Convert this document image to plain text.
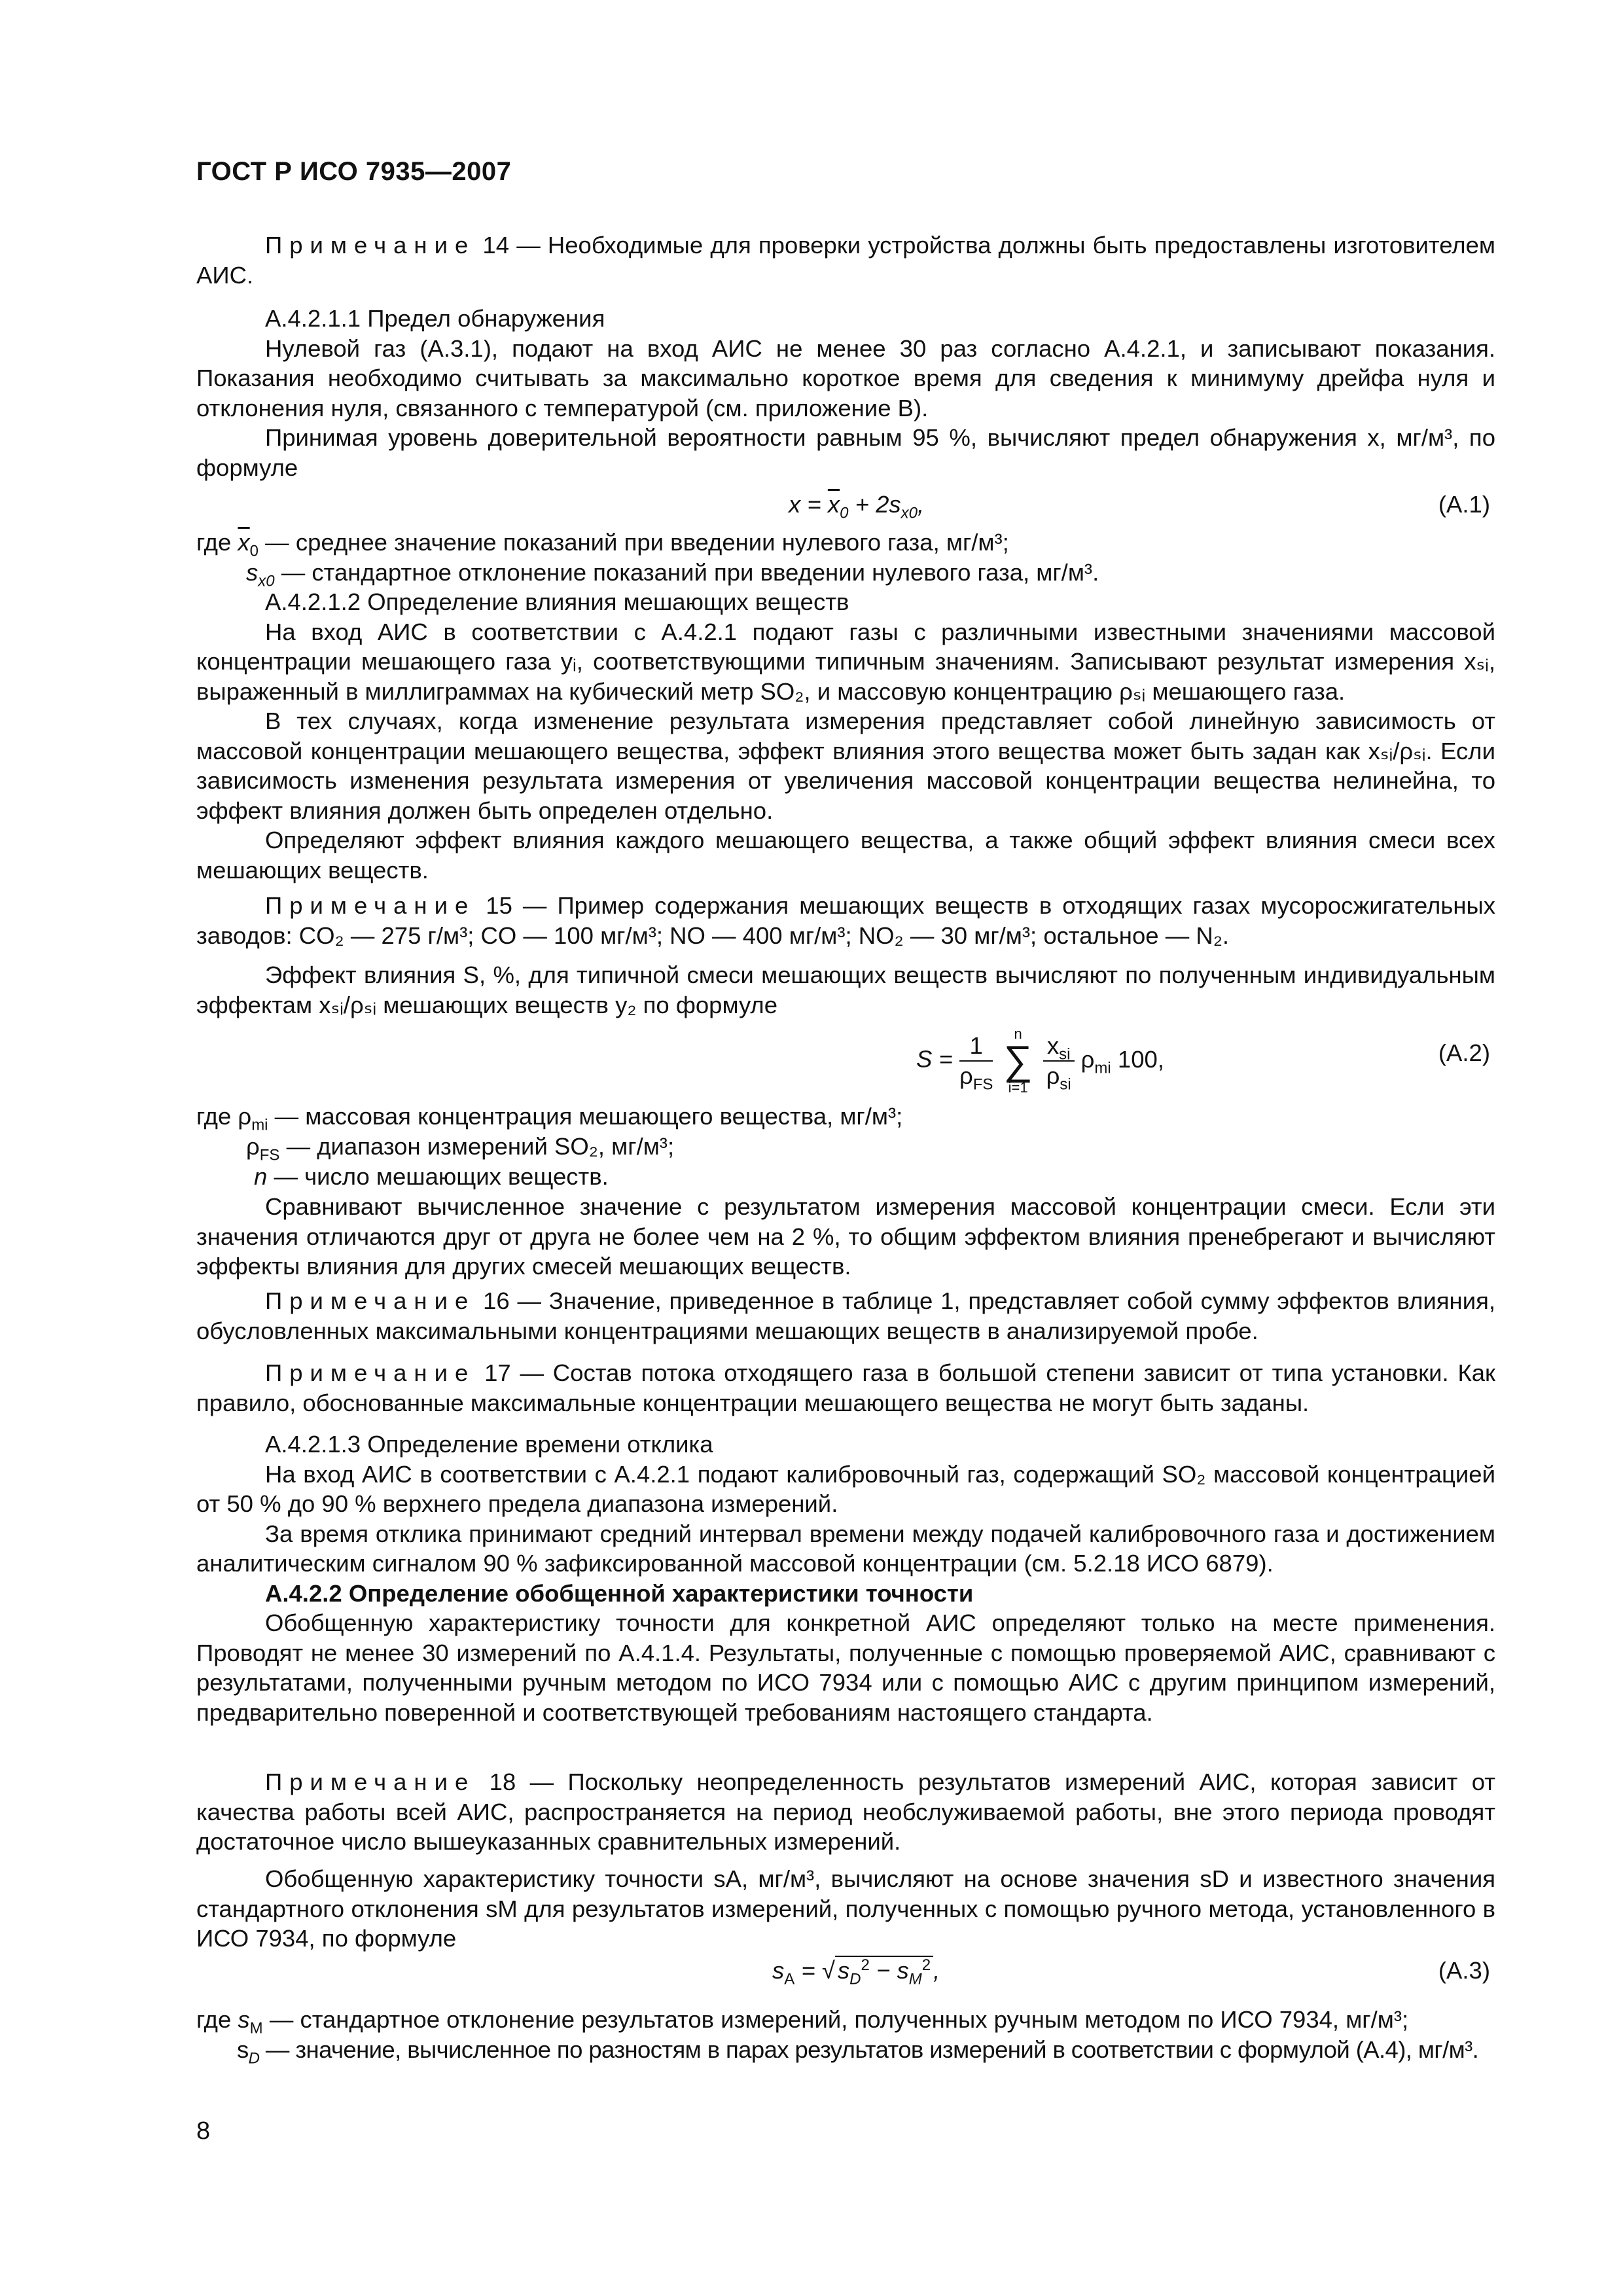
ГОСТ Р ИСО 7935—2007

Примечание 14 — Необходимые для проверки устройства должны быть предоставлены изготовителем АИС.

А.4.2.1.1 Предел обнаружения

Нулевой газ (А.3.1), подают на вход АИС не менее 30 раз согласно А.4.2.1, и записывают показания. Показания необходимо считывать за максимально короткое время для сведения к минимуму дрейфа нуля и отклонения нуля, связанного с температурой (см. приложение В).

Принимая уровень доверительной вероятности равным 95 %, вычисляют предел обнаружения х, мг/м³, по формуле

$x = \overline{x}_0 + 2s_{x0}$,	(А.1)
где $\overline{x}_0$ — среднее значение показаний при введении нулевого газа, мг/м³;
$s_{x0}$ — стандартное отклонение показаний при введении нулевого газа, мг/м³.

А.4.2.1.2 Определение влияния мешающих веществ

На вход АИС в соответствии с А.4.2.1 подают газы с различными известными значениями массовой концентрации мешающего газа yᵢ, соответствующими типичным значениям. Записывают результат измерения xₛᵢ, выраженный в миллиграммах на кубический метр SO₂, и массовую концентрацию ρₛᵢ мешающего газа.

В тех случаях, когда изменение результата измерения представляет собой линейную зависимость от массовой концентрации мешающего вещества, эффект влияния этого вещества может быть задан как xₛᵢ/ρₛᵢ. Если зависимость изменения результата измерения от увеличения массовой концентрации вещества нелинейна, то эффект влияния должен быть определен отдельно.

Определяют эффект влияния каждого мешающего вещества, а также общий эффект влияния смеси всех мешающих веществ.

Примечание 15 — Пример содержания мешающих веществ в отходящих газах мусоросжигательных заводов: CO₂ — 275 г/м³; CO — 100 мг/м³; NO — 400 мг/м³; NO₂ — 30 мг/м³; остальное — N₂.

Эффект влияния S, %, для типичной смеси мешающих веществ вычисляют по полученным индивидуальным эффектам xₛᵢ/ρₛᵢ мешающих веществ y₂ по формуле

$S = \frac{1}{\rho_{FS}}$
	n
∑
i=1
$\frac{x_{si}}{\rho_{si}} \rho_{mi}$ 100,	(А.2)
где $\rho_{mi}$ — массовая концентрация мешающего вещества, мг/м³;
$\rho_{FS}$ — диапазон измерений SO₂, мг/м³;
n — число мешающих веществ.

Сравнивают вычисленное значение с результатом измерения массовой концентрации смеси. Если эти значения отличаются друг от друга не более чем на 2 %, то общим эффектом влияния пренебрегают и вычисляют эффекты влияния для других смесей мешающих веществ.

Примечание 16 — Значение, приведенное в таблице 1, представляет собой сумму эффектов влияния, обусловленных максимальными концентрациями мешающих веществ в анализируемой пробе.

Примечание 17 — Состав потока отходящего газа в большой степени зависит от типа установки. Как правило, обоснованные максимальные концентрации мешающего вещества не могут быть заданы.

А.4.2.1.3 Определение времени отклика

На вход АИС в соответствии с А.4.2.1 подают калибровочный газ, содержащий SO₂ массовой концентрацией от 50 % до 90 % верхнего предела диапазона измерений.

За время отклика принимают средний интервал времени между подачей калибровочного газа и достижением аналитическим сигналом 90 % зафиксированной массовой концентрации (см. 5.2.18 ИСО 6879).

А.4.2.2 Определение обобщенной характеристики точности

Обобщенную характеристику точности для конкретной АИС определяют только на месте применения. Проводят не менее 30 измерений по А.4.1.4. Результаты, полученные с помощью проверяемой АИС, сравнивают с результатами, полученными ручным методом по ИСО 7934 или с помощью АИС с другим принципом измерений, предварительно поверенной и соответствующей требованиям настоящего стандарта.

Примечание 18 — Поскольку неопределенность результатов измерений АИС, которая зависит от качества работы всей АИС, распространяется на период необслуживаемой работы, вне этого периода проводят достаточное число вышеуказанных сравнительных измерений.

Обобщенную характеристику точности sA, мг/м³, вычисляют на основе значения sD и известного значения стандартного отклонения sM для результатов измерений, полученных с помощью ручного метода, установленного в ИСО 7934, по формуле

$s_A$ = √ $s_D^2 - s_M^2$ ,	(А.3)
где $s_M$ — стандартное отклонение результатов измерений, полученных ручным методом по ИСО 7934, мг/м³;
$s_D$ — значение, вычисленное по разностям в парах результатов измерений в соответствии с формулой (А.4), мг/м³.
8
